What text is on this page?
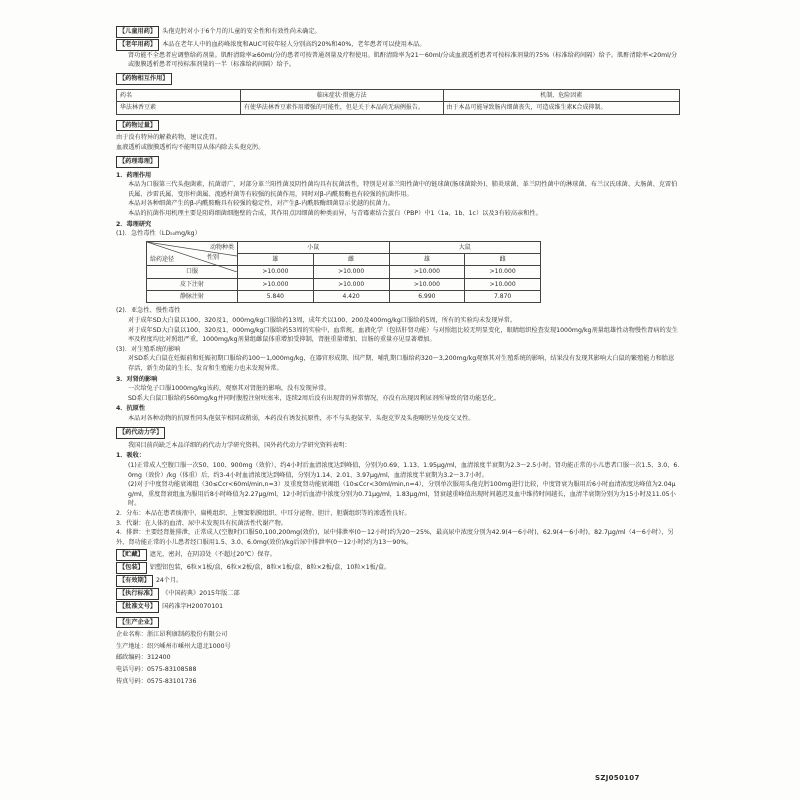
【儿童用药】 头孢克肟对小于6个月的儿童的安全性和有效性尚未确定。
【老年用药】 本品在老年人中的血药峰浓度和AUC可较年轻人分别高约20%和40%，老年患者可以使用本品。
肾功能不全患者应调整给药剂量。肌酐清除率≥60ml/分的患者可按普通剂量及疗程使用。肌酐清除率为21～60ml/分或血液透析患者可按标准剂量的75%（标准给药间隔）给予。肌酐清除率<20ml/分或腹膜透析患者可按标准剂量的一半（标准给药间隔）给予。
【药物相互作用】
药名	临床症状·措施方法	机制、危险因素
华法林香豆素	有使华法林香豆素作用增强的可能性，但是关于本品尚无病例报告。	由于本品可能导致肠内细菌丧失，可造成维生素K合成抑制。
【药物过量】
由于没有特异的解救药物，建议洗胃。
血液透析或腹膜透析均不能明显从体内除去头孢克肟。
【药理毒理】
1．药理作用
本品为口服第三代头孢菌素，抗菌谱广，对部分革兰阳性菌及阴性菌均具有抗菌活性，特别是对革兰阳性菌中的链球菌(肠球菌除外)、肺炎球菌、革兰阴性菌中的淋球菌、布兰汉氏球菌、大肠菌、克雷伯氏属、沙雷氏属、变形杆菌属、流感杆菌等有较强的抗菌作用，同时对β-内酰胺酶也有较强的抗菌作用。
本品对各种细菌产生的β-内酰胺酶具有较强的稳定性，对产生β-内酰胺酶细菌显示优越的抗菌力。
本品的抗菌作用机理主要是阻碍细菌细胞壁的合成，其作用点因细菌的种类而异，与青霉素结合蛋白（PBP）中1（1a、1b、1c）以及3有较高亲和性。
2．毒理研究
(1)．急性毒性（LD₅₀mg/kg）
动物种类
性别
给药途径	小鼠		大鼠	
	雄	雌	雄	雌
口服	>10.000	>10.000	>10.000	>10.000
皮下注射	>10.000	>10.000	>10.000	>10.000
静脉注射	5.840	4.420	6.990	7.870
(2)．亚急性、慢性毒性
对于成年SD大白鼠以100、320及1，000mg/kg口服给药13周，成年犬以100、200及400mg/kg口服给药5周，所有的实验均未发现异常。
对于成年SD大白鼠以100、320及1，000mg/kg口服给药53周的实验中，血常规、血液化学（包括肝肾功能）与对照组比较无明显变化，眼睛组织检查发现1000mg/kg剂量组雄性动物慢性肾病的发生率及程度均比对照组严重，1000mg/kg剂量组雌鼠体重增加受抑制，肾脏重量增加，盲肠的重量亦见显著增加。
(3)．对生殖系统的影响
对SD系大白鼠在妊娠前和妊娠初期口服给药100～1,000mg/kg，在器官形成期、围产期、哺乳期口服给药320～3,200mg/kg观察其对生殖系统的影响，结果没有发现其影响大白鼠的繁殖能力和胎崽存活，新生幼鼠的生长、发育和生殖能力也未发现异常。
3．对肾的影响
一次给兔子口服1000mg/kg该药，观察其对肾脏的影响，没有发现异常。
SD系大白鼠口服给药560mg/kg并同时腹腔注射呋塞米，连续2周后没有出现肾的异常情况，亦没有出现因利尿剂所导致的肾功能恶化。
4．抗原性
本品对各种动物的抗原性同头孢氨苄相同或稍弱，本药没有诱发抗原性，亦不与头孢氨苄、头孢克罗及头孢噻肟呈免疫交叉性。
【药代动力学】
我国目前尚缺乏本品详细的药代动力学研究资料，国外药代动力学研究资料表明：
1．吸收：
(1)正常成人空腹口服一次50、100、900mg（效价），约4小时后血清浓度达到峰值，分别为0.69、1.13、1.95μg/ml，血清浓度半衰期为2.3～2.5小时。肾功能正常的小儿患者口服一次1.5、3.0、6.0mg（效价）/kg（体重）后，约3-4小时血清浓度达到峰值，分别为1.14、2.01、3.97μg/ml，血清浓度半衰期为3.2～3.7小时。
(2)对于中度肾功能衰竭组（30≤Ccr<60ml/min,n=3）及重度肾功能衰竭组（10≤Ccr<30ml/min,n=4），分别单次服用头孢克肟100mg进行比较，中度肾衰为服用后6小时血清浓度达峰值为2.04μg/ml，重度肾衰组血为服用后8小时峰值为2.27μg/ml，12小时后血清中浓度分别为0.71μg/ml，1.83μg/ml，肾衰越重峰值出现时间越迟及血中维持时间越长，血清半衰期分别为为15小时及11.05小时。
2．分布：本品在患者痰液中、扁桃组织、上颚窦粘膜组织、中耳分泌物、胆汁、胆囊组织等的渗透性良好。
3．代谢：在人体的血清、尿中未发现具有抗菌活性代谢产物。
4．排泄：主要经肾脏排泄，正常成人(空腹时)口服50,100,200mg(效价)，尿中排泄率(0～12小时)约为20～25%，最高尿中浓度分别为42.9(4～6小时)，62.9(4～6小时)，82.7μg/ml（4～6小时），另外，肾功能正常的小儿患者经口服用1.5、3.0、6.0mg(效价)/kg后尿中排泄率(0～12小时)约为13～90%。
【贮藏】 遮光，密封，在阴凉处（不超过20℃）保存。
【包装】 铝塑铝包装，6粒×1板/盒，6粒×2板/盒，8粒×1板/盒，8粒×2板/盒，10粒×1板/盒。
【有效期】 24个月。
【执行标准】 《中国药典》2015年版二部
【批准文号】 国药准字H20070101
【生产企业】
企业名称：浙江昂利康制药股份有限公司
生产地址：绍兴嵊州市嵊州大道北1000号
邮政编码：312400
电话号码：0575-83108588
传真号码：0575-83101736
SZJ050107
